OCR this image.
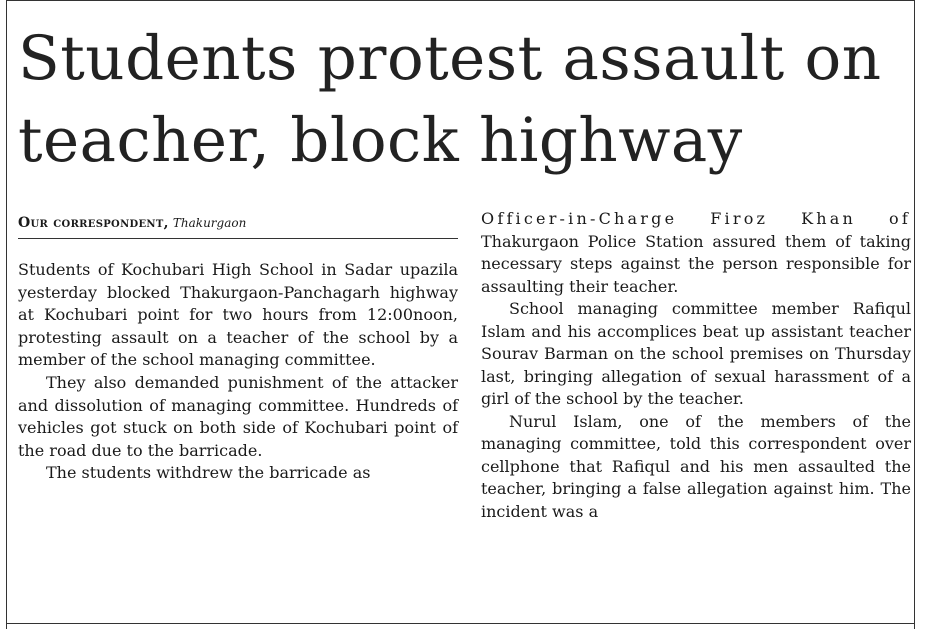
Students protest assault on
teacher, block highway
Our correspondent, Thakurgaon

Students of Kochubari High School in Sadar upazila yesterday blocked Thakurgaon-Panchagarh highway at Kochubari point for two hours from 12:00noon, protesting assault on a teacher of the school by a member of the school managing committee.

They also demanded punishment of the attacker and dissolution of managing committee. Hundreds of vehicles got stuck on both side of Kochubari point of the road due to the barricade.

The students withdrew the barricade as

Officer-in-Charge Firoz Khan of Thakurgaon Police Station assured them of taking necessary steps against the person responsible for assaulting their teacher.

School managing committee member Rafiqul Islam and his accomplices beat up assistant teacher Sourav Barman on the school premises on Thursday last, bringing allegation of sexual harassment of a girl of the school by the teacher.

Nurul Islam, one of the members of the managing committee, told this correspondent over cellphone that Rafiqul and his men assaulted the teacher, bringing a false allegation against him. The incident was a
